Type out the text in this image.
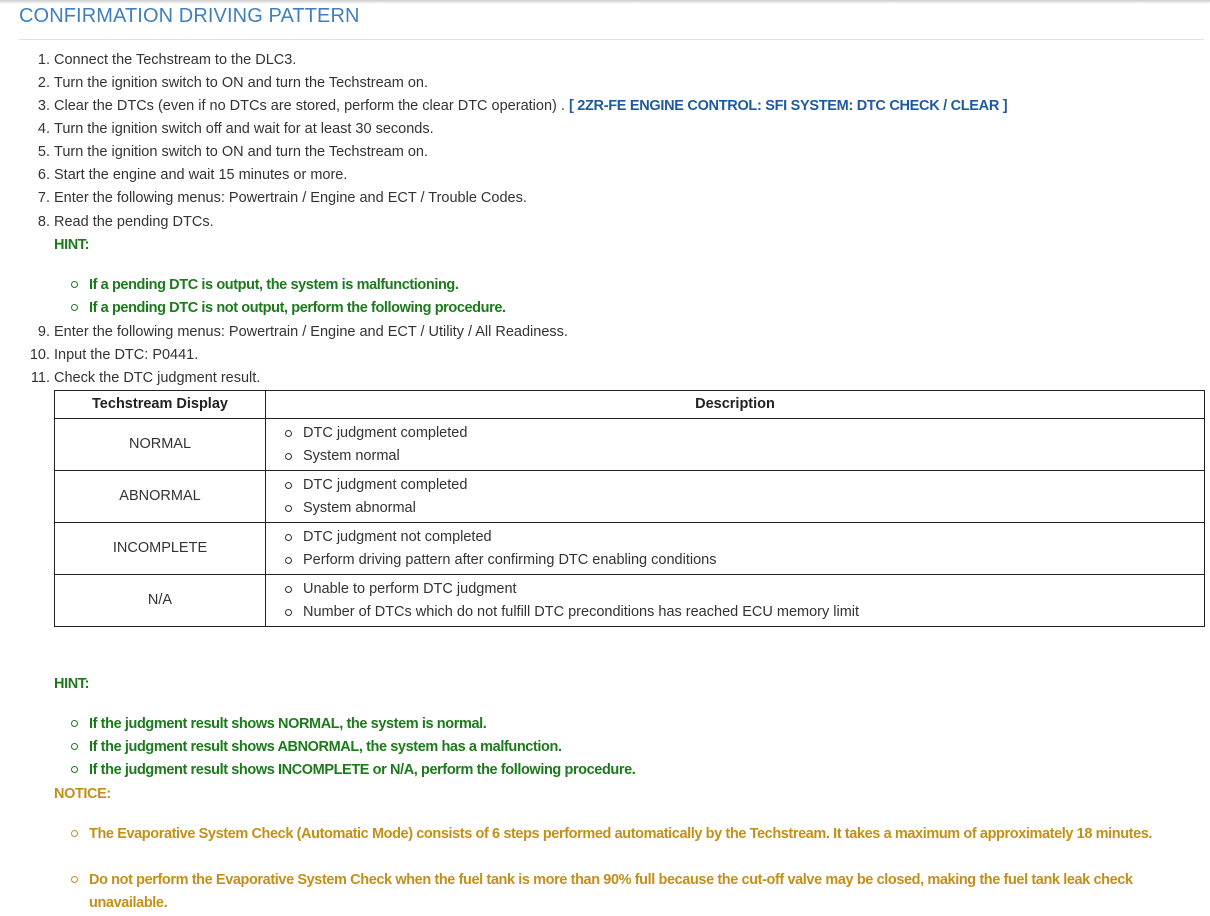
CONFIRMATION DRIVING PATTERN
1. Connect the Techstream to the DLC3.
2. Turn the ignition switch to ON and turn the Techstream on.
3. Clear the DTCs (even if no DTCs are stored, perform the clear DTC operation) . [ 2ZR-FE ENGINE CONTROL: SFI SYSTEM: DTC CHECK / CLEAR ]
4. Turn the ignition switch off and wait for at least 30 seconds.
5. Turn the ignition switch to ON and turn the Techstream on.
6. Start the engine and wait 15 minutes or more.
7. Enter the following menus: Powertrain / Engine and ECT / Trouble Codes.
8. Read the pending DTCs.
9. Enter the following menus: Powertrain / Engine and ECT / Utility / All Readiness.
10. Input the DTC: P0441.
11. Check the DTC judgment result.
HINT:
If a pending DTC is output, the system is malfunctioning.
If a pending DTC is not output, perform the following procedure.
HINT:
If the judgment result shows NORMAL, the system is normal.
If the judgment result shows ABNORMAL, the system has a malfunction.
If the judgment result shows INCOMPLETE or N/A, perform the following procedure.
NOTICE:
The Evaporative System Check (Automatic Mode) consists of 6 steps performed automatically by the Techstream. It takes a maximum of approximately 18 minutes.
Do not perform the Evaporative System Check when the fuel tank is more than 90% full because the cut-off valve may be closed, making the fuel tank leak check unavailable.
Techstream Display	Description
NORMAL	DTC judgment completed
System normal

ABNORMAL	DTC judgment completed
System abnormal

INCOMPLETE	DTC judgment not completed
Perform driving pattern after confirming DTC enabling conditions

N/A	Unable to perform DTC judgment
Number of DTCs which do not fulfill DTC preconditions has reached ECU memory limit
